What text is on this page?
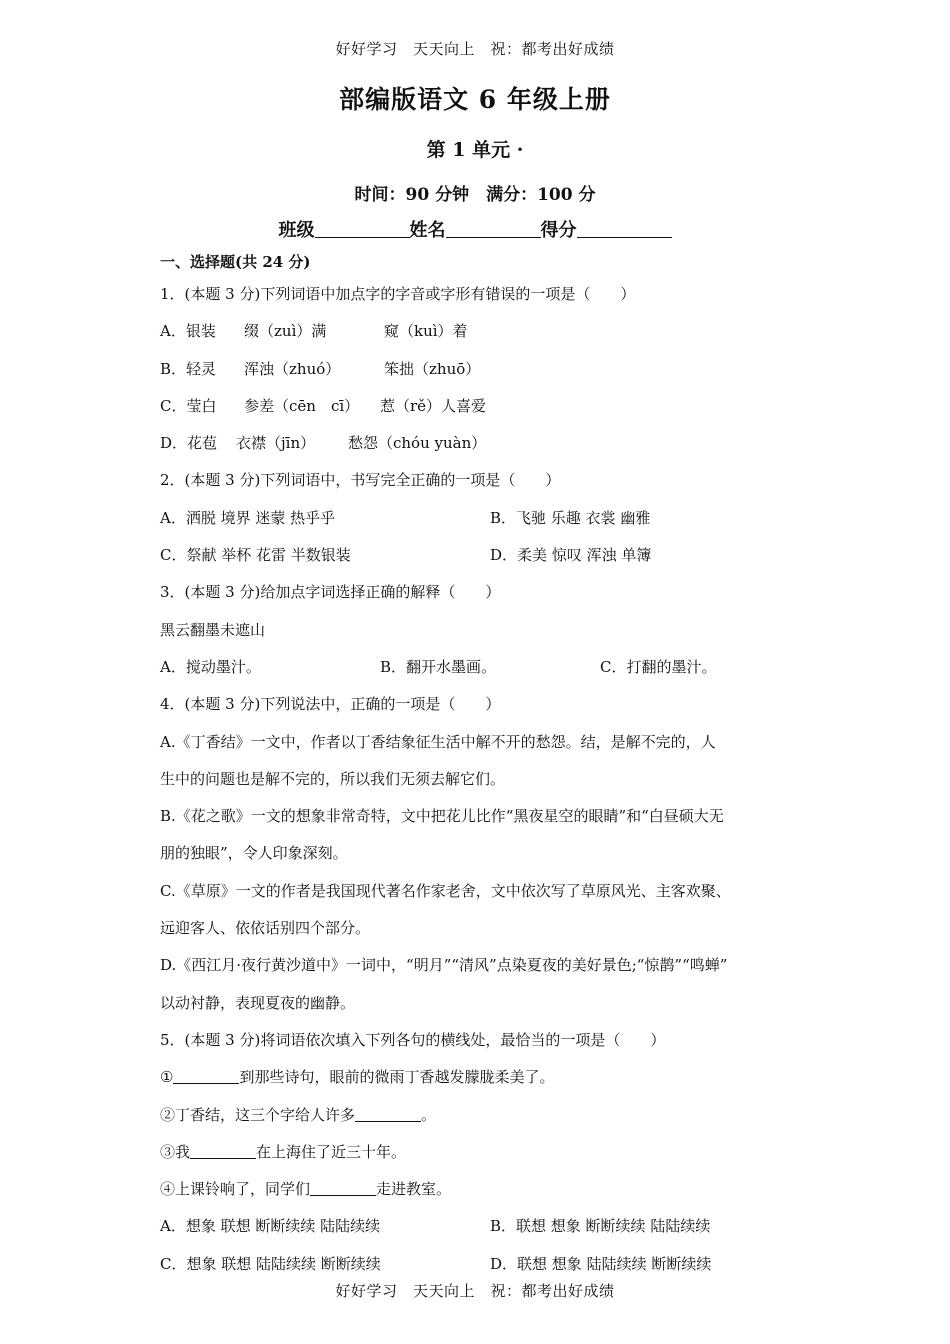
好好学习　天天向上　祝：都考出好成绩
部编版语文 6 年级上册
第 1 单元 ·
时间：90 分钟　满分：100 分
班级	姓名	得分
一、选择题(共 24 分)
1．(本题 3 分)下列词语中加点字的字音或字形有错误的一项是（　　）
A．银装 缀（zuì）满	窥（kuì）着
B．轻灵 浑浊（zhuó）	笨拙（zhuō）
C．莹白 参差（cēn　cī） 惹（rě）人喜爱
D．花苞 衣襟（jīn） 愁怨（chóu yuàn）
2．(本题 3 分)下列词语中，书写完全正确的一项是（　　）
A．洒脱 境界 迷蒙 热乎乎	B．飞驰 乐趣 衣裳 幽雅
C．祭献 举杯 花雷 半数银装	D．柔美 惊叹 浑浊 单簿
3．(本题 3 分)给加点字词选择正确的解释（　　）
黑云翻墨未遮山
A．搅动墨汁。	B．翻开水墨画。	C．打翻的墨汁。
4．(本题 3 分)下列说法中，正确的一项是（　　）
A.《丁香结》一文中，作者以丁香结象征生活中解不开的愁怨。结，是解不完的，人
生中的问题也是解不完的，所以我们无须去解它们。
B.《花之歌》一文的想象非常奇特，文中把花儿比作“黑夜星空的眼睛”和“白昼硕大无
朋的独眼”，令人印象深刻。
C.《草原》一文的作者是我国现代著名作家老舍，文中依次写了草原风光、主客欢聚、
远迎客人、依依话别四个部分。
D.《西江月·夜行黄沙道中》一词中，“明月”“清风”点染夏夜的美好景色;“惊鹊”“鸣蝉”
以动衬静，表现夏夜的幽静。
5．(本题 3 分)将词语依次填入下列各句的横线处，最恰当的一项是（　　）
①	到那些诗句，眼前的微雨丁香越发朦胧柔美了。
②丁香结，这三个字给人许多	。
③我	在上海住了近三十年。
④上课铃响了，同学们	走进教室。
A．想象 联想 断断续续 陆陆续续	B．联想 想象 断断续续 陆陆续续
C．想象 联想 陆陆续续 断断续续	D．联想 想象 陆陆续续 断断续续
好好学习　天天向上　祝：都考出好成绩
